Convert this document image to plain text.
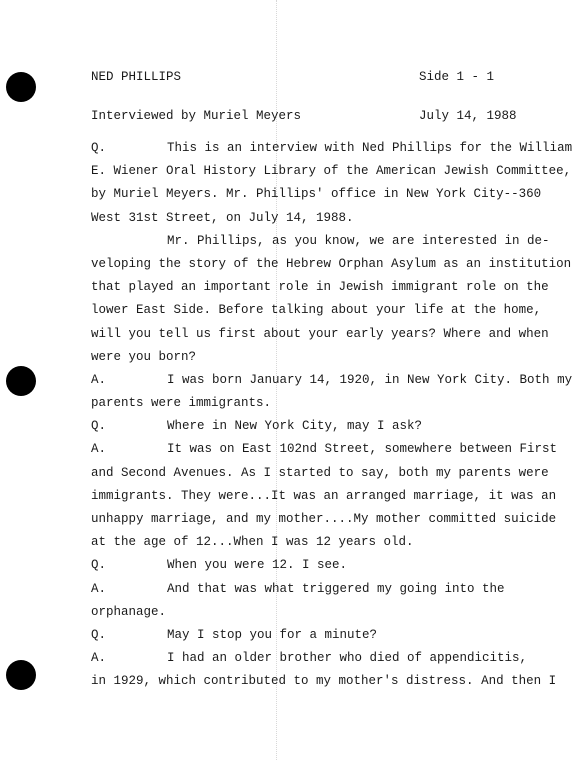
NED PHILLIPS

Interviewed by Muriel Meyers

Side 1 - 1

July 14, 1988

Q.	This is an interview with Ned Phillips for the William
E. Wiener Oral History Library of the American Jewish Committee,
by Muriel Meyers. Mr. Phillips' office in New York City--360
West 31st Street, on July 14, 1988.
Mr. Phillips, as you know, we are interested in de-
veloping the story of the Hebrew Orphan Asylum as an institution
that played an important role in Jewish immigrant role on the
lower East Side. Before talking about your life at the home,
will you tell us first about your early years? Where and when
were you born?
A.	I was born January 14, 1920, in New York City. Both my
parents were immigrants.
Q.	Where in New York City, may I ask?
A.	It was on East 102nd Street, somewhere between First
and Second Avenues. As I started to say, both my parents were
immigrants. They were...It was an arranged marriage, it was an
unhappy marriage, and my mother....My mother committed suicide
at the age of 12...When I was 12 years old.
Q.	When you were 12. I see.
A.	And that was what triggered my going into the
orphanage.
Q.	May I stop you for a minute?
A.	I had an older brother who died of appendicitis,
in 1929, which contributed to my mother's distress. And then I
